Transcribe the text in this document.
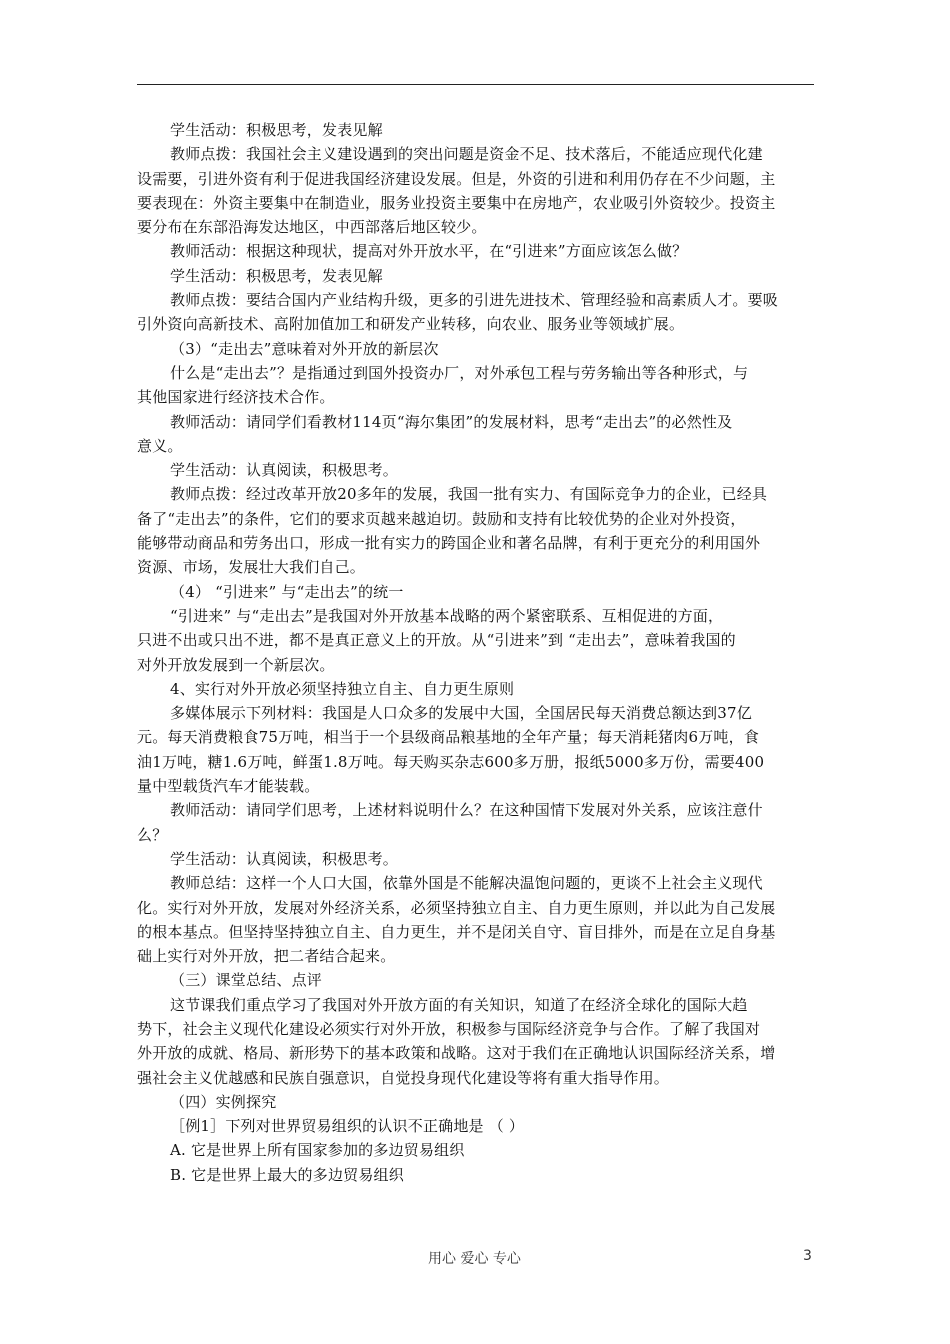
学生活动：积极思考，发表见解
教师点拨：我国社会主义建设遇到的突出问题是资金不足、技术落后，不能适应现代化建
设需要，引进外资有利于促进我国经济建设发展。但是，外资的引进和利用仍存在不少问题，主
要表现在：外资主要集中在制造业，服务业投资主要集中在房地产，农业吸引外资较少。投资主
要分布在东部沿海发达地区，中西部落后地区较少。
教师活动：根据这种现状，提高对外开放水平，在“引进来”方面应该怎么做？
学生活动：积极思考，发表见解
教师点拨：要结合国内产业结构升级，更多的引进先进技术、管理经验和高素质人才。要吸
引外资向高新技术、高附加值加工和研发产业转移，向农业、服务业等领域扩展。
（3）“走出去”意味着对外开放的新层次
什么是“走出去”？是指通过到国外投资办厂，对外承包工程与劳务输出等各种形式，与
其他国家进行经济技术合作。
教师活动：请同学们看教材114页“海尔集团”的发展材料，思考“走出去”的必然性及
意义。
学生活动：认真阅读，积极思考。
教师点拨：经过改革开放20多年的发展，我国一批有实力、有国际竞争力的企业，已经具
备了“走出去”的条件，它们的要求页越来越迫切。鼓励和支持有比较优势的企业对外投资，
能够带动商品和劳务出口，形成一批有实力的跨国企业和著名品牌，有利于更充分的利用国外
资源、市场，发展壮大我们自己。
（4） “引进来” 与“走出去”的统一
“引进来” 与“走出去”是我国对外开放基本战略的两个紧密联系、互相促进的方面，
只进不出或只出不进，都不是真正意义上的开放。从“引进来”到 “走出去”，意味着我国的
对外开放发展到一个新层次。
4、实行对外开放必须坚持独立自主、自力更生原则
多媒体展示下列材料：我国是人口众多的发展中大国，全国居民每天消费总额达到37亿
元。每天消费粮食75万吨，相当于一个县级商品粮基地的全年产量；每天消耗猪肉6万吨，食
油1万吨，糖1.6万吨，鲜蛋1.8万吨。每天购买杂志600多万册，报纸5000多万份，需要400
量中型载货汽车才能装载。
教师活动：请同学们思考，上述材料说明什么？在这种国情下发展对外关系，应该注意什
么？
学生活动：认真阅读，积极思考。
教师总结：这样一个人口大国，依靠外国是不能解决温饱问题的，更谈不上社会主义现代
化。实行对外开放，发展对外经济关系，必须坚持独立自主、自力更生原则，并以此为自己发展
的根本基点。但坚持坚持独立自主、自力更生，并不是闭关自守、盲目排外，而是在立足自身基
础上实行对外开放，把二者结合起来。
（三）课堂总结、点评
这节课我们重点学习了我国对外开放方面的有关知识，知道了在经济全球化的国际大趋
势下，社会主义现代化建设必须实行对外开放，积极参与国际经济竞争与合作。了解了我国对
外开放的成就、格局、新形势下的基本政策和战略。这对于我们在正确地认识国际经济关系，增
强社会主义优越感和民族自强意识，自觉投身现代化建设等将有重大指导作用。
（四）实例探究
［例1］下列对世界贸易组织的认识不正确地是 （ ）
A. 它是世界上所有国家参加的多边贸易组织
B. 它是世界上最大的多边贸易组织
用心 爱心 专心	3
